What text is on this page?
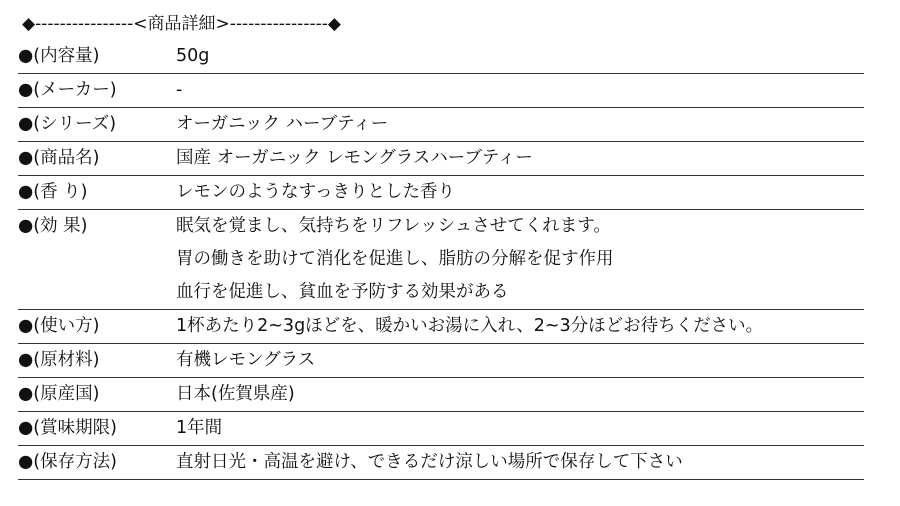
◆----------------<商品詳細>----------------◆
●(内容量)	50g
●(メーカー)	-
●(シリーズ)	オーガニック ハーブティー
●(商品名)	国産 オーガニック レモングラスハーブティー
●(香 り)	レモンのようなすっきりとした香り
●(効 果)	眠気を覚まし、気持ちをリフレッシュさせてくれます。
胃の働きを助けて消化を促進し、脂肪の分解を促す作用
血行を促進し、貧血を予防する効果がある
●(使い方)	1杯あたり2~3gほどを、暖かいお湯に入れ、2~3分ほどお待ちください。
●(原材料)	有機レモングラス
●(原産国)	日本(佐賀県産)
●(賞味期限)	1年間
●(保存方法)	直射日光・高温を避け、できるだけ涼しい場所で保存して下さい
